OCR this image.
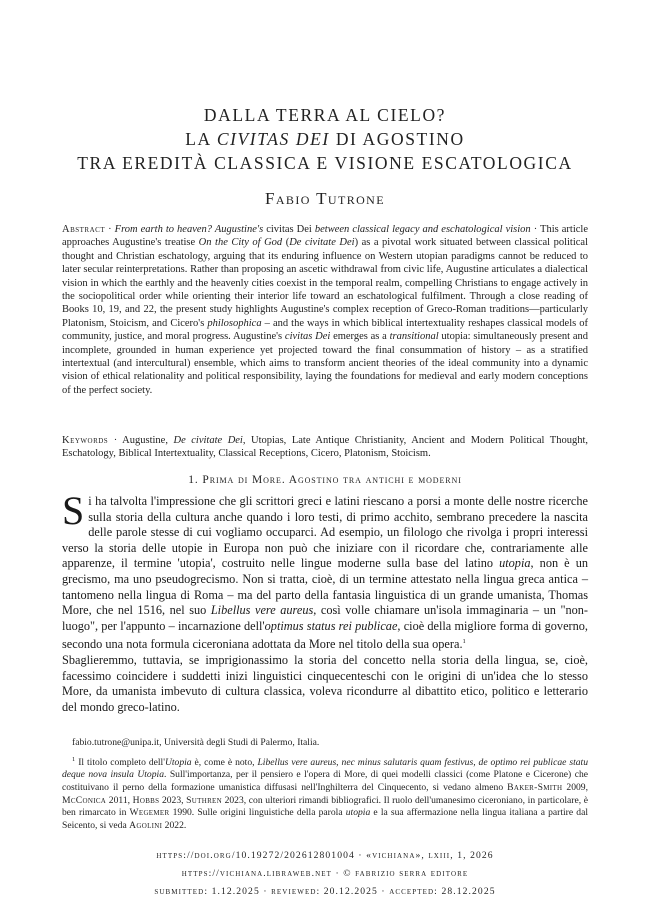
DALLA TERRA AL CIELO?
LA CIVITAS DEI DI AGOSTINO
TRA EREDITÀ CLASSICA E VISIONE ESCATOLOGICA
Fabio Tutrone
Abstract · From earth to heaven? Augustine's civitas Dei between classical legacy and eschatological vision · This article approaches Augustine's treatise On the City of God (De civitate Dei) as a pivotal work situated between classical political thought and Christian eschatology, arguing that its enduring influence on Western utopian paradigms cannot be reduced to later secular reinterpretations. Rather than proposing an ascetic withdrawal from civic life, Augustine articulates a dialectical vision in which the earthly and the heavenly cities coexist in the temporal realm, compelling Christians to engage actively in the sociopolitical order while orienting their interior life toward an eschatological fulfilment. Through a close reading of Books 10, 19, and 22, the present study highlights Augustine's complex reception of Greco-Roman traditions—particularly Platonism, Stoicism, and Cicero's philosophica – and the ways in which biblical intertextuality reshapes classical models of community, justice, and moral progress. Augustine's civitas Dei emerges as a transitional utopia: simultaneously present and incomplete, grounded in human experience yet projected toward the final consummation of history – as a stratified intertextual (and intercultural) ensemble, which aims to transform ancient theories of the ideal community into a dynamic vision of ethical relationality and political responsibility, laying the foundations for medieval and early modern conceptions of the perfect society.
Keywords · Augustine, De civitate Dei, Utopias, Late Antique Christianity, Ancient and Modern Political Thought, Eschatology, Biblical Intertextuality, Classical Receptions, Cicero, Platonism, Stoicism.
1. Prima di More. Agostino tra antichi e moderni

Si ha talvolta l'impressione che gli scrittori greci e latini riescano a porsi a monte delle nostre ricerche sulla storia della cultura anche quando i loro testi, di primo acchito, sembrano precedere la nascita delle parole stesse di cui vogliamo occuparci. Ad esempio, un filologo che rivolga i propri interessi verso la storia delle utopie in Europa non può che iniziare con il ricordare che, contrariamente alle apparenze, il termine 'utopia', costruito nelle lingue moderne sulla base del latino utopia, non è un grecismo, ma uno pseudogrecismo. Non si tratta, cioè, di un termine attestato nella lingua greca antica – tantomeno nella lingua di Roma – ma del parto della fantasia linguistica di un grande umanista, Thomas More, che nel 1516, nel suo Libellus vere aureus, così volle chiamare un'isola immaginaria – un "non-luogo", per l'appunto – incarnazione dell'optimus status rei publicae, cioè della migliore forma di governo, secondo una nota formula ciceroniana adottata da More nel titolo della sua opera.$^1$

Sbaglieremmo, tuttavia, se imprigionassimo la storia del concetto nella storia della lingua, se, cioè, facessimo coincidere i suddetti inizi linguistici cinquecenteschi con le origini di un'idea che lo stesso More, da umanista imbevuto di cultura classica, voleva ricondurre al dibattito etico, politico e letterario del mondo greco-latino.

fabio.tutrone@unipa.it, Università degli Studi di Palermo, Italia.
$^1$ Il titolo completo dell'Utopia è, come è noto, Libellus vere aureus, nec minus salutaris quam festivus, de optimo rei publicae statu deque nova insula Utopia. Sull'importanza, per il pensiero e l'opera di More, di quei modelli classici (come Platone e Cicerone) che costituivano il perno della formazione umanistica diffusasi nell'Inghilterra del Cinquecento, si vedano almeno Baker-Smith 2009, McConica 2011, Hobbs 2023, Suthren 2023, con ulteriori rimandi bibliografici. Il ruolo dell'umanesimo ciceroniano, in particolare, è ben rimarcato in Wegemer 1990. Sulle origini linguistiche della parola utopia e la sua affermazione nella lingua italiana a partire dal Seicento, si veda Agolini 2022.
https://doi.org/10.19272/202612801004 · «vichiana», lxiii, 1, 2026
https://vichiana.libraweb.net · © fabrizio serra editore
submitted: 1.12.2025 · reviewed: 20.12.2025 · accepted: 28.12.2025
